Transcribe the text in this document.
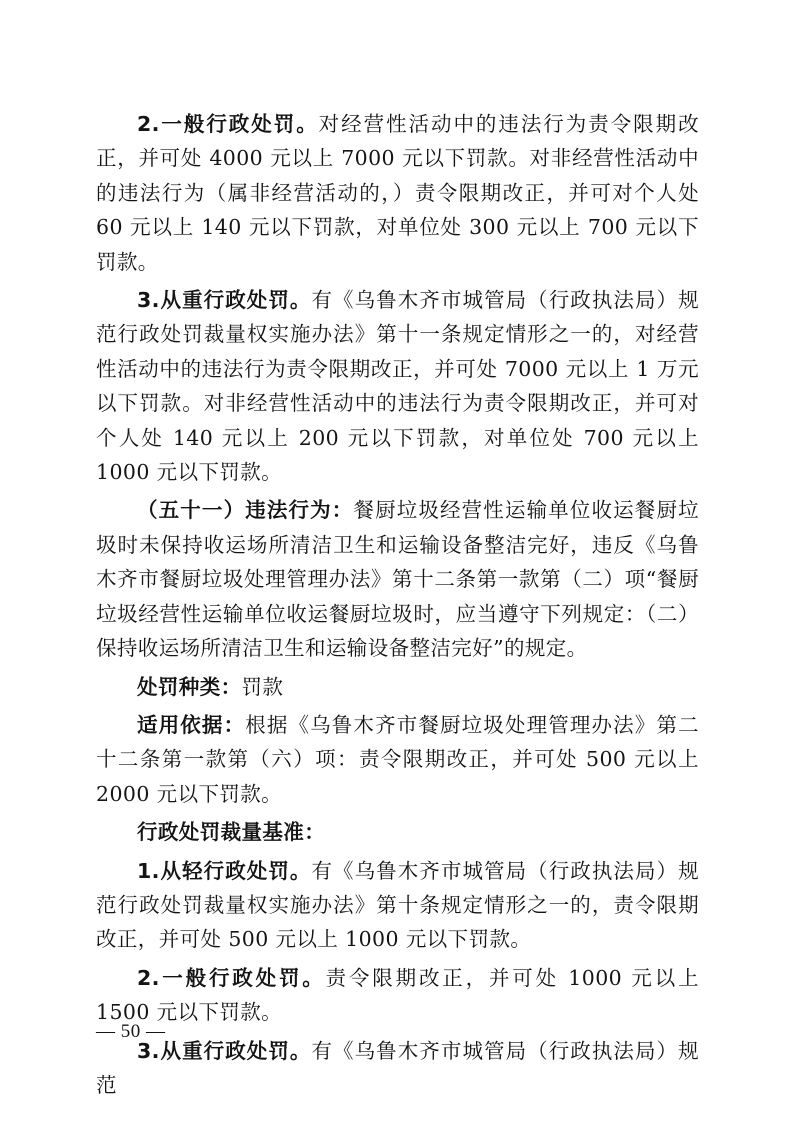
2.一般行政处罚。对经营性活动中的违法行为责令限期改正，并可处 4000 元以上 7000 元以下罚款。对非经营性活动中的违法行为（属非经营活动的，）责令限期改正，并可对个人处 60 元以上 140 元以下罚款，对单位处 300 元以上 700 元以下罚款。

3.从重行政处罚。有《乌鲁木齐市城管局（行政执法局）规范行政处罚裁量权实施办法》第十一条规定情形之一的，对经营性活动中的违法行为责令限期改正，并可处 7000 元以上 1 万元以下罚款。对非经营性活动中的违法行为责令限期改正，并可对个人处 140 元以上 200 元以下罚款，对单位处 700 元以上 1000 元以下罚款。

（五十一）违法行为：餐厨垃圾经营性运输单位收运餐厨垃圾时未保持收运场所清洁卫生和运输设备整洁完好，违反《乌鲁木齐市餐厨垃圾处理管理办法》第十二条第一款第（二）项“餐厨垃圾经营性运输单位收运餐厨垃圾时，应当遵守下列规定：（二）保持收运场所清洁卫生和运输设备整洁完好”的规定。

处罚种类：罚款

适用依据：根据《乌鲁木齐市餐厨垃圾处理管理办法》第二十二条第一款第（六）项：责令限期改正，并可处 500 元以上 2000 元以下罚款。

行政处罚裁量基准：

1.从轻行政处罚。有《乌鲁木齐市城管局（行政执法局）规范行政处罚裁量权实施办法》第十条规定情形之一的，责令限期改正，并可处 500 元以上 1000 元以下罚款。

2.一般行政处罚。责令限期改正，并可处 1000 元以上 1500 元以下罚款。

3.从重行政处罚。有《乌鲁木齐市城管局（行政执法局）规范

— 50 —
